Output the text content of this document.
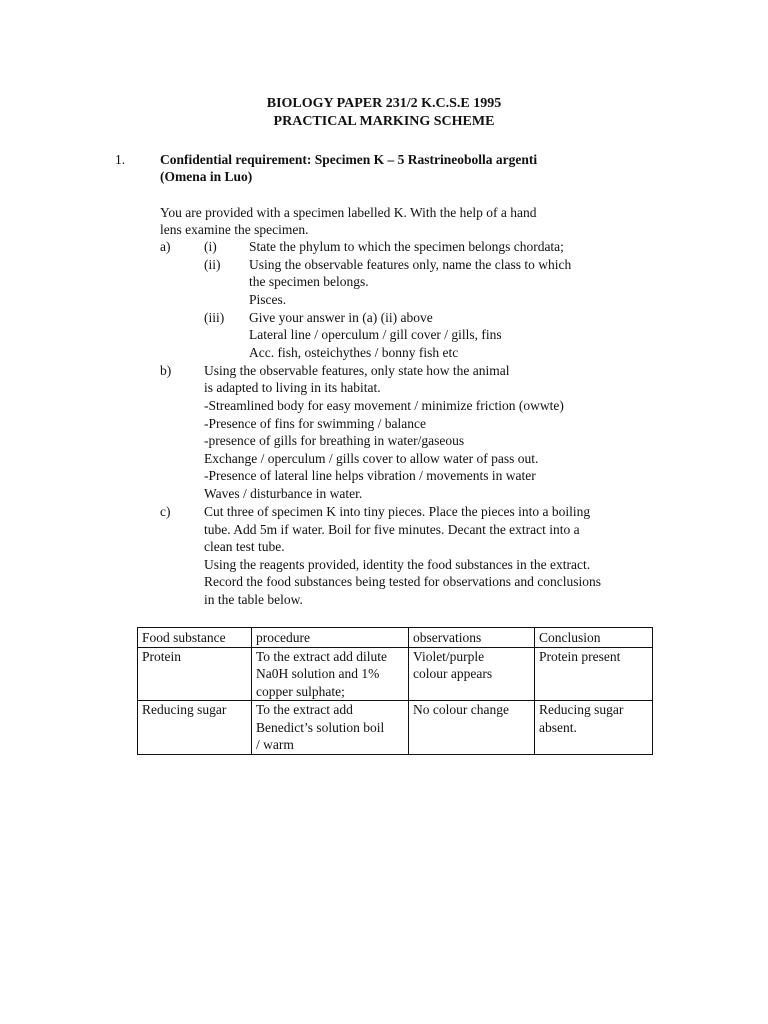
BIOLOGY PAPER 231/2 K.C.S.E 1995
PRACTICAL MARKING SCHEME
1.	Confidential requirement: Specimen K – 5 Rastrineobolla argenti
(Omena in Luo)
You are provided with a specimen labelled K. With the help of a hand
lens examine the specimen.
a) (i) State the phylum to which the specimen belongs chordata;
(ii) Using the observable features only, name the class to which
the specimen belongs.
Pisces.
(iii) Give your answer in (a) (ii) above
Lateral line / operculum / gill cover / gills, fins
Acc. fish, osteichythes / bonny fish etc
b) Using the observable features, only state how the animal
is adapted to living in its habitat.
-Streamlined body for easy movement / minimize friction (owwte)
-Presence of fins for swimming / balance
-presence of gills for breathing in water/gaseous
Exchange / operculum / gills cover to allow water of pass out.
-Presence of lateral line helps vibration / movements in water
Waves / disturbance in water.
c) Cut three of specimen K into tiny pieces. Place the pieces into a boiling
tube. Add 5m if water. Boil for five minutes. Decant the extract into a
clean test tube.
Using the reagents provided, identity the food substances in the extract.
Record the food substances being tested for observations and conclusions
in the table below.
Food substance	procedure	observations	Conclusion
Protein	To the extract add dilute
Na0H solution and 1%
copper sulphate;	Violet/purple
colour appears	Protein present
Reducing sugar	To the extract add
Benedict’s solution boil
/ warm	No colour change	Reducing sugar
absent.
